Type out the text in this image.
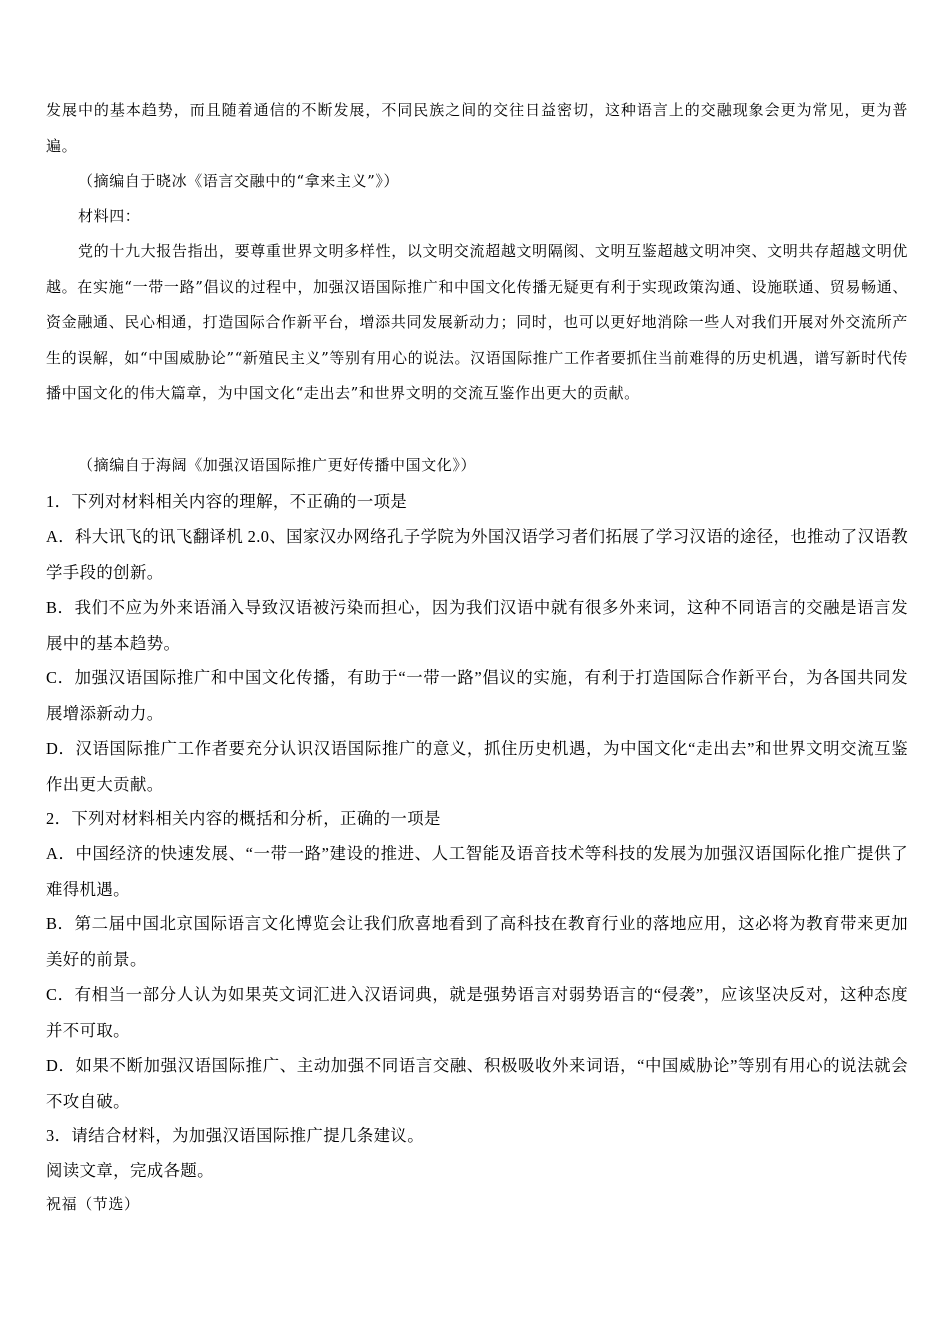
发展中的基本趋势，而且随着通信的不断发展，不同民族之间的交往日益密切，这种语言上的交融现象会更为常见，更为普遍。
（摘编自于晓冰《语言交融中的“拿来主义”》）
材料四：
党的十九大报告指出，要尊重世界文明多样性，以文明交流超越文明隔阂、文明互鉴超越文明冲突、文明共存超越文明优越。在实施“一带一路”倡议的过程中，加强汉语国际推广和中国文化传播无疑更有利于实现政策沟通、设施联通、贸易畅通、资金融通、民心相通，打造国际合作新平台，增添共同发展新动力；同时，也可以更好地消除一些人对我们开展对外交流所产生的误解，如“中国威胁论”“新殖民主义”等别有用心的说法。汉语国际推广工作者要抓住当前难得的历史机遇，谱写新时代传播中国文化的伟大篇章，为中国文化“走出去”和世界文明的交流互鉴作出更大的贡献。
（摘编自于海阔《加强汉语国际推广更好传播中国文化》）
1．下列对材料相关内容的理解，不正确的一项是
A．科大讯飞的讯飞翻译机 2.0、国家汉办网络孔子学院为外国汉语学习者们拓展了学习汉语的途径，也推动了汉语教学手段的创新。
B．我们不应为外来语涌入导致汉语被污染而担心，因为我们汉语中就有很多外来词，这种不同语言的交融是语言发展中的基本趋势。
C．加强汉语国际推广和中国文化传播，有助于“一带一路”倡议的实施，有利于打造国际合作新平台，为各国共同发展增添新动力。
D．汉语国际推广工作者要充分认识汉语国际推广的意义，抓住历史机遇，为中国文化“走出去”和世界文明交流互鉴作出更大贡献。
2．下列对材料相关内容的概括和分析，正确的一项是
A．中国经济的快速发展、“一带一路”建设的推进、人工智能及语音技术等科技的发展为加强汉语国际化推广提供了难得机遇。
B．第二届中国北京国际语言文化博览会让我们欣喜地看到了高科技在教育行业的落地应用，这必将为教育带来更加美好的前景。
C．有相当一部分人认为如果英文词汇进入汉语词典，就是强势语言对弱势语言的“侵袭”，应该坚决反对，这种态度并不可取。
D．如果不断加强汉语国际推广、主动加强不同语言交融、积极吸收外来词语，“中国威胁论”等别有用心的说法就会不攻自破。
3．请结合材料，为加强汉语国际推广提几条建议。
阅读文章，完成各题。
祝福（节选）
